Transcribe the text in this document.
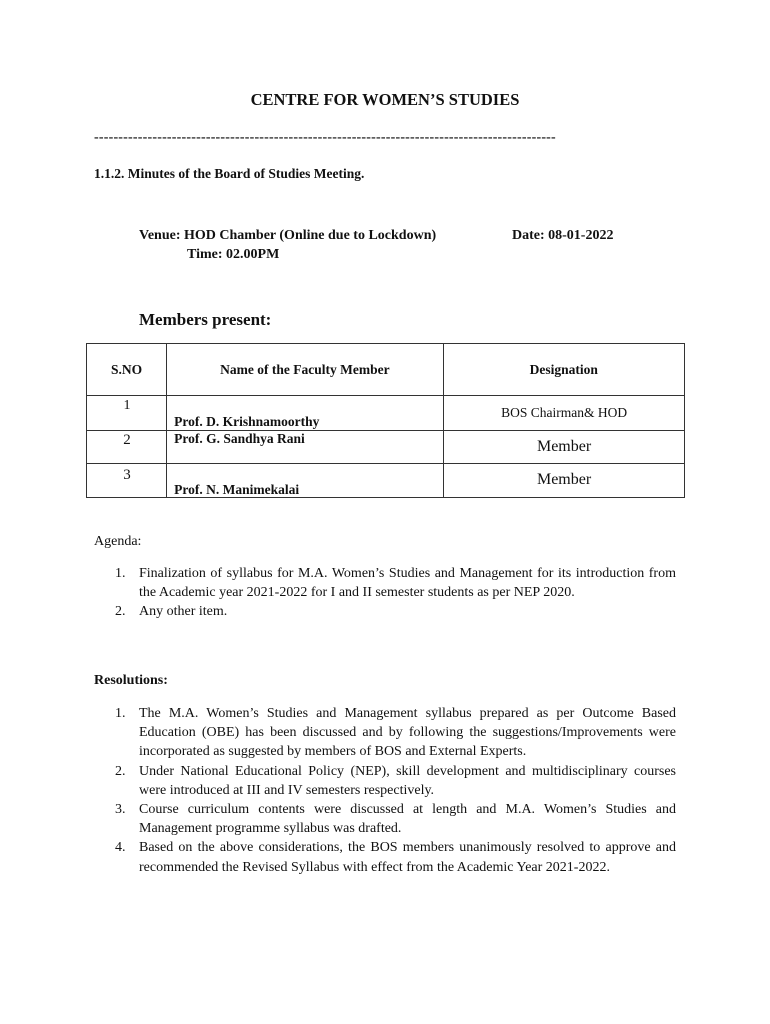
CENTRE FOR WOMEN’S STUDIES
-----------------------------------------------------------------------------------------------
1.1.2. Minutes of the Board of Studies Meeting.
Venue: HOD Chamber (Online due to Lockdown)	Date: 08-01-2022
Time: 02.00PM
Members present:
S.NO	Name of the Faculty Member	Designation

1	Prof. D. Krishnamoorthy	BOS Chairman& HOD

2	Prof. G. Sandhya Rani	Member

3	Prof. N. Manimekalai	Member
Agenda:
1. Finalization of syllabus for M.A. Women’s Studies and Management for its introduction from the Academic year 2021-2022 for I and II semester students as per NEP 2020.
2. Any other item.
Resolutions:
1. The M.A. Women’s Studies and Management syllabus prepared as per Outcome Based Education (OBE) has been discussed and by following the suggestions/Improvements were incorporated as suggested by members of BOS and External Experts.
2. Under National Educational Policy (NEP), skill development and multidisciplinary courses were introduced at III and IV semesters respectively.
3. Course curriculum contents were discussed at length and M.A. Women’s Studies and Management programme syllabus was drafted.
4. Based on the above considerations, the BOS members unanimously resolved to approve and recommended the Revised Syllabus with effect from the Academic Year 2021-2022.
